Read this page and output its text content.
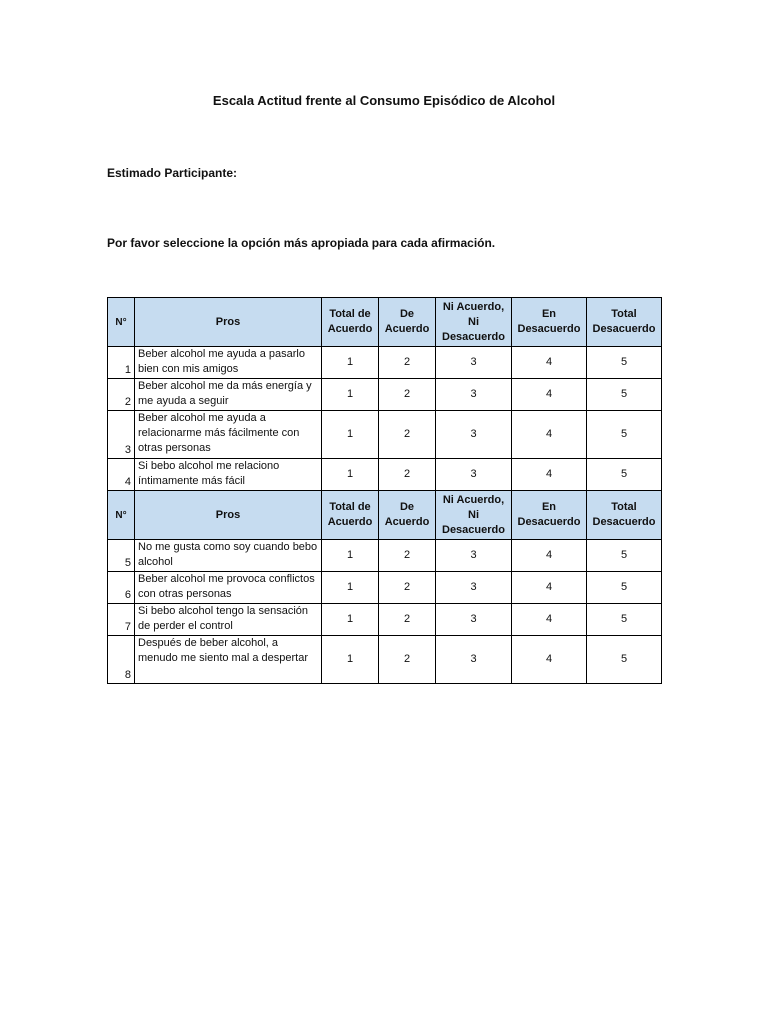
Escala Actitud frente al Consumo Episódico de Alcohol
Estimado Participante:
Por favor seleccione la opción más apropiada para cada afirmación.
N°	Pros	Total de Acuerdo	De Acuerdo	Ni Acuerdo, Ni Desacuerdo	En Desacuerdo	Total Desacuerdo
1	Beber alcohol me ayuda a pasarlo bien con mis amigos	1	2	3	4	5
2	Beber alcohol me da más energía y me ayuda a seguir	1	2	3	4	5
3	Beber alcohol me ayuda a relacionarme más fácilmente con otras personas	1	2	3	4	5
4	Si bebo alcohol me relaciono íntimamente más fácil	1	2	3	4	5
N°	Pros	Total de Acuerdo	De Acuerdo	Ni Acuerdo, Ni Desacuerdo	En Desacuerdo	Total Desacuerdo
5	No me gusta como soy cuando bebo alcohol	1	2	3	4	5
6	Beber alcohol me provoca conflictos con otras personas	1	2	3	4	5
7	Si bebo alcohol tengo la sensación de perder el control	1	2	3	4	5
8	Después de beber alcohol, a menudo me siento mal a despertar	1	2	3	4	5
